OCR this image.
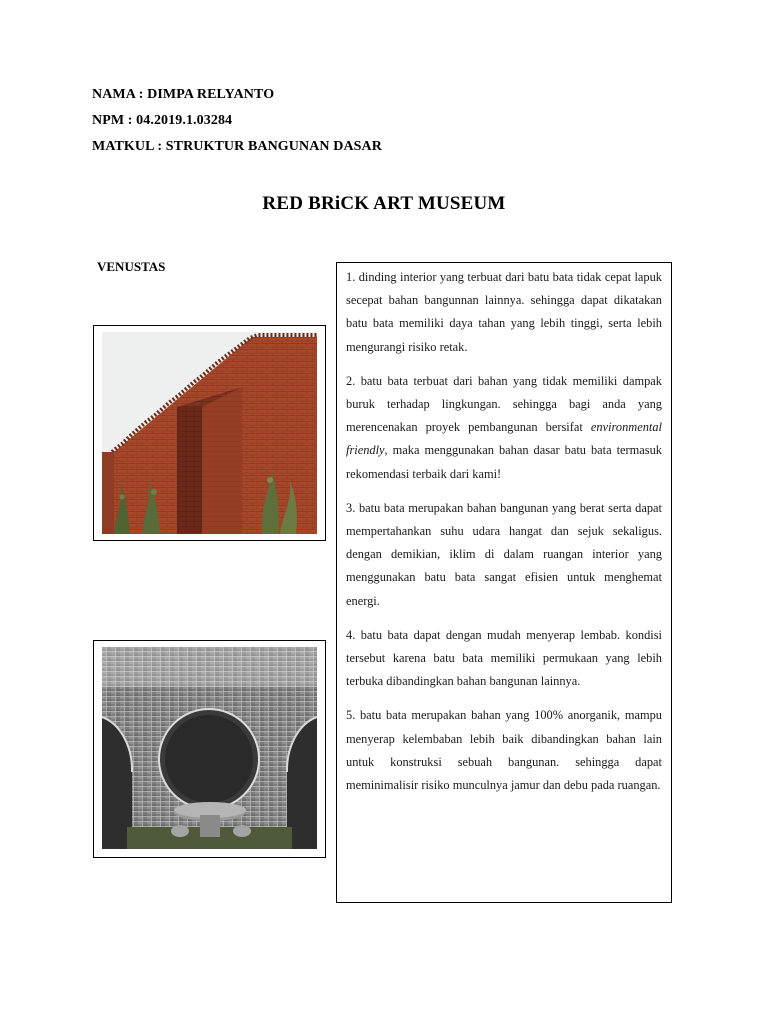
NAMA : DIMPA RELYANTO
NPM : 04.2019.1.03284
MATKUL : STRUKTUR BANGUNAN DASAR
RED BRiCK ART MUSEUM
VENUSTAS

1. dinding interior yang terbuat dari batu bata tidak cepat lapuk secepat bahan bangunnan lainnya. sehingga dapat dikatakan batu bata memiliki daya tahan yang lebih tinggi, serta lebih mengurangi risiko retak.

2. batu bata terbuat dari bahan yang tidak memiliki dampak buruk terhadap lingkungan. sehingga bagi anda yang merencenakan proyek pembangunan bersifat environmental friendly, maka menggunakan bahan dasar batu bata termasuk rekomendasi terbaik dari kami!

3. batu bata merupakan bahan bangunan yang berat serta dapat mempertahankan suhu udara hangat dan sejuk sekaligus. dengan demikian, iklim di dalam ruangan interior yang menggunakan batu bata sangat efisien untuk menghemat energi.

4. batu bata dapat dengan mudah menyerap lembab. kondisi tersebut karena batu bata memiliki permukaan yang lebih terbuka dibandingkan bahan bangunan lainnya.

5. batu bata merupakan bahan yang 100% anorganik, mampu menyerap kelembaban lebih baik dibandingkan bahan lain untuk konstruksi sebuah bangunan. sehingga dapat meminimalisir risiko munculnya jamur dan debu pada ruangan.
